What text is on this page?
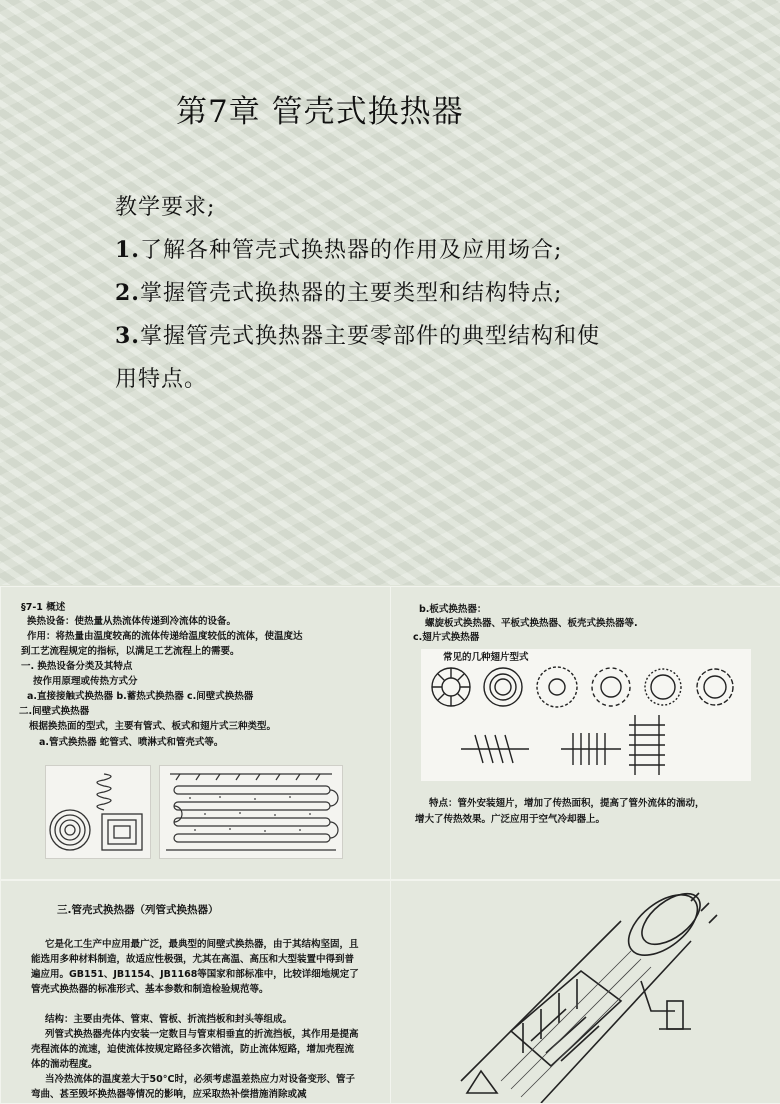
第7章 管壳式换热器
教学要求;
1.了解各种管壳式换热器的作用及应用场合;
2.掌握管壳式换热器的主要类型和结构特点;
3.掌握管壳式换热器主要零部件的典型结构和使
用特点。
§7-1 概述
换热设备：使热量从热流体传递到冷流体的设备。
作用：将热量由温度较高的流体传递给温度较低的流体，使温度达
到工艺流程规定的指标，以满足工艺流程上的需要。
一. 换热设备分类及其特点
按作用原理或传热方式分
a.直接接触式换热器 b.蓄热式换热器 c.间壁式换热器
二.间壁式换热器
根据换热面的型式，主要有管式、板式和翅片式三种类型。
a.管式换热器 蛇管式、喷淋式和管壳式等。
b.板式换热器：
螺旋板式换热器、平板式换热器、板壳式换热器等.
c.翅片式换热器
常见的几种翅片型式
特点：管外安装翅片，增加了传热面积，提高了管外流体的湍动，
增大了传热效果。广泛应用于空气冷却器上。
三.管壳式换热器（列管式换热器）
它是化工生产中应用最广泛，最典型的间壁式换热器，由于其结构坚固，且能选用多种材料制造，故适应性极强，尤其在高温、高压和大型装置中得到普遍应用。GB151、JB1154、JB1168等国家和部标准中，比较详细地规定了管壳式换热器的标准形式、基本参数和制造检验规范等。
结构：主要由壳体、管束、管板、折流挡板和封头等组成。
列管式换热器壳体内安装一定数目与管束相垂直的折流挡板，其作用是提高壳程流体的流速，迫使流体按规定路径多次错流，防止流体短路，增加壳程流体的湍动程度。
当冷热流体的温度差大于50°C时，必须考虑温差热应力对设备变形、管子弯曲、甚至毁坏换热器等情况的影响，应采取热补偿措施消除或减
